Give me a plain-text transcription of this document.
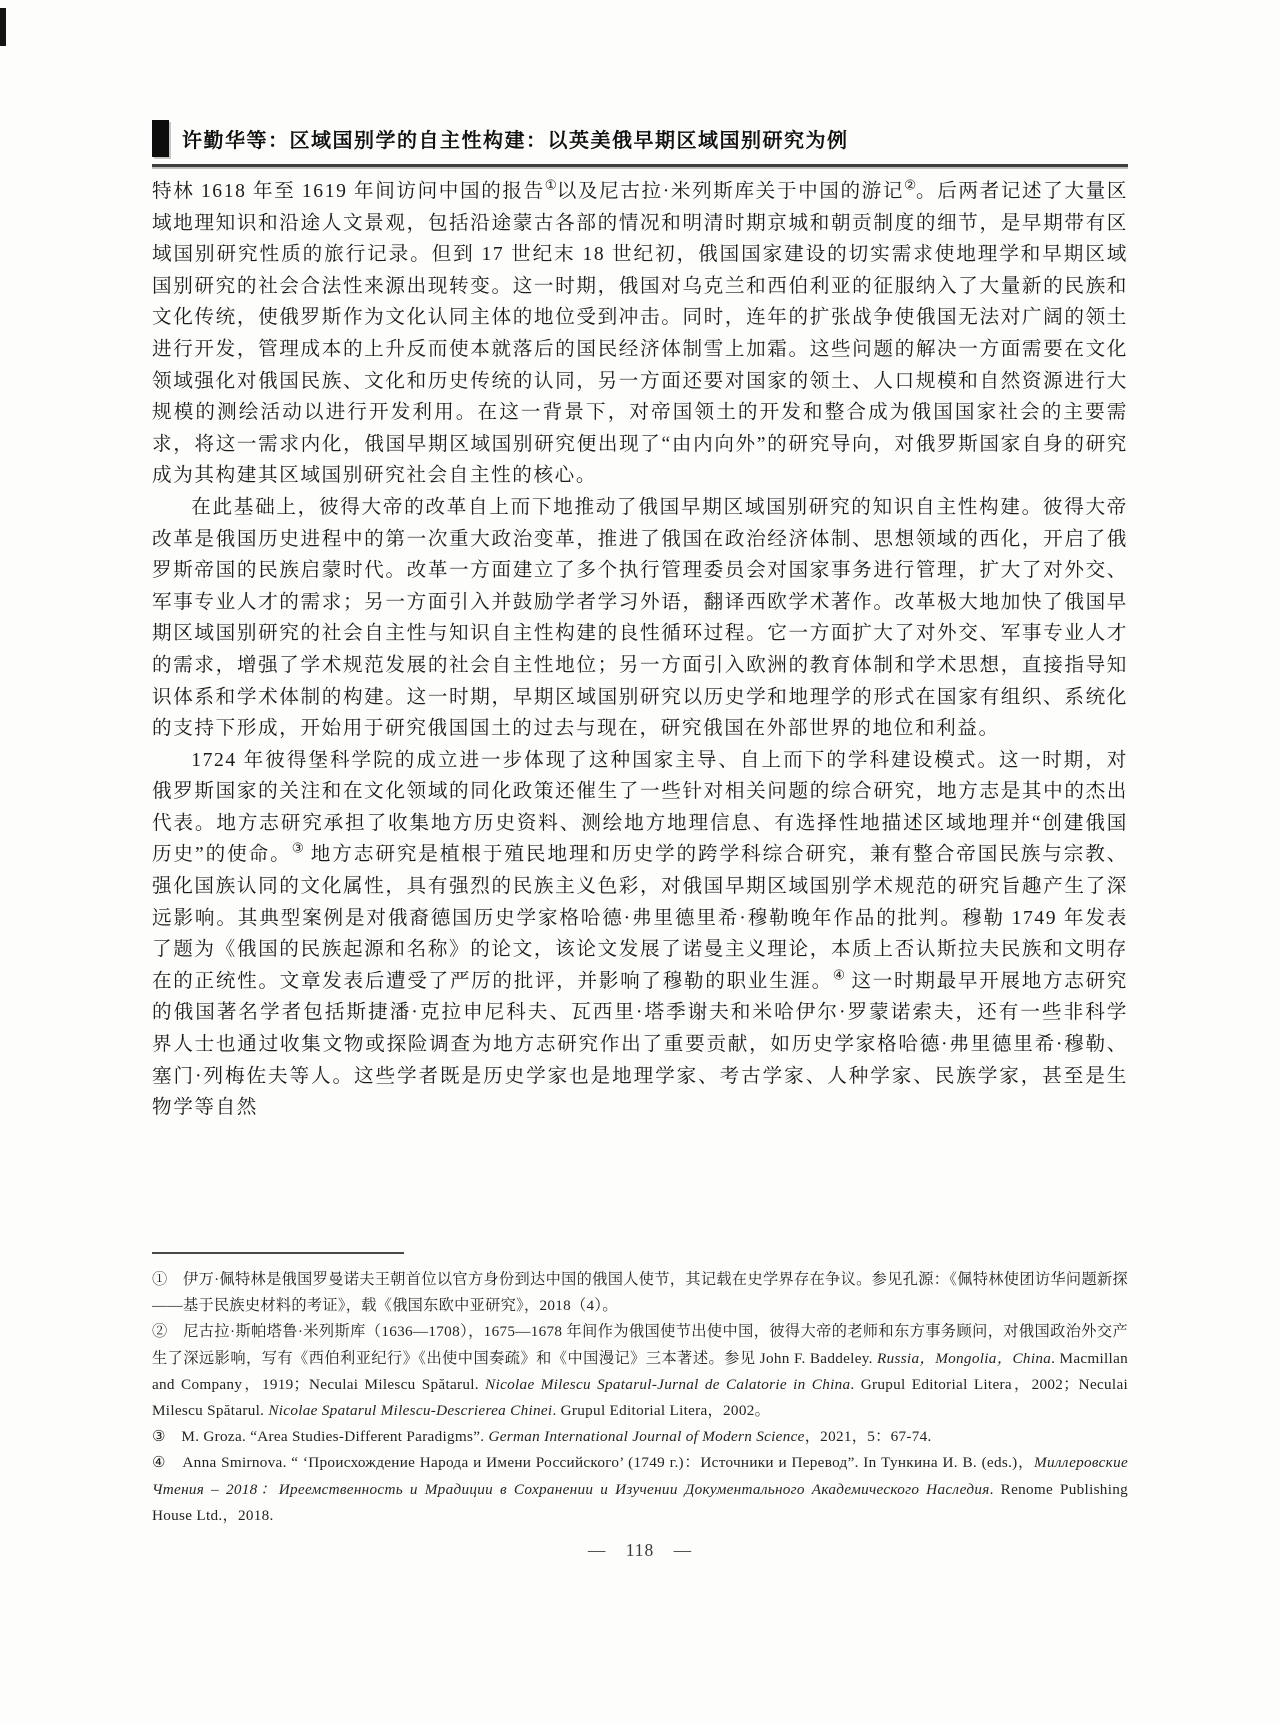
许勤华等：区域国别学的自主性构建：以英美俄早期区域国别研究为例

特林 1618 年至 1619 年间访问中国的报告①以及尼古拉·米列斯库关于中国的游记②。后两者记述了大量区域地理知识和沿途人文景观，包括沿途蒙古各部的情况和明清时期京城和朝贡制度的细节，是早期带有区域国别研究性质的旅行记录。但到 17 世纪末 18 世纪初，俄国国家建设的切实需求使地理学和早期区域国别研究的社会合法性来源出现转变。这一时期，俄国对乌克兰和西伯利亚的征服纳入了大量新的民族和文化传统，使俄罗斯作为文化认同主体的地位受到冲击。同时，连年的扩张战争使俄国无法对广阔的领土进行开发，管理成本的上升反而使本就落后的国民经济体制雪上加霜。这些问题的解决一方面需要在文化领域强化对俄国民族、文化和历史传统的认同，另一方面还要对国家的领土、人口规模和自然资源进行大规模的测绘活动以进行开发利用。在这一背景下，对帝国领土的开发和整合成为俄国国家社会的主要需求，将这一需求内化，俄国早期区域国别研究便出现了“由内向外”的研究导向，对俄罗斯国家自身的研究成为其构建其区域国别研究社会自主性的核心。

在此基础上，彼得大帝的改革自上而下地推动了俄国早期区域国别研究的知识自主性构建。彼得大帝改革是俄国历史进程中的第一次重大政治变革，推进了俄国在政治经济体制、思想领域的西化，开启了俄罗斯帝国的民族启蒙时代。改革一方面建立了多个执行管理委员会对国家事务进行管理，扩大了对外交、军事专业人才的需求；另一方面引入并鼓励学者学习外语，翻译西欧学术著作。改革极大地加快了俄国早期区域国别研究的社会自主性与知识自主性构建的良性循环过程。它一方面扩大了对外交、军事专业人才的需求，增强了学术规范发展的社会自主性地位；另一方面引入欧洲的教育体制和学术思想，直接指导知识体系和学术体制的构建。这一时期，早期区域国别研究以历史学和地理学的形式在国家有组织、系统化的支持下形成，开始用于研究俄国国土的过去与现在，研究俄国在外部世界的地位和利益。

1724 年彼得堡科学院的成立进一步体现了这种国家主导、自上而下的学科建设模式。这一时期，对俄罗斯国家的关注和在文化领域的同化政策还催生了一些针对相关问题的综合研究，地方志是其中的杰出代表。地方志研究承担了收集地方历史资料、测绘地方地理信息、有选择性地描述区域地理并“创建俄国历史”的使命。③ 地方志研究是植根于殖民地理和历史学的跨学科综合研究，兼有整合帝国民族与宗教、强化国族认同的文化属性，具有强烈的民族主义色彩，对俄国早期区域国别学术规范的研究旨趣产生了深远影响。其典型案例是对俄裔德国历史学家格哈德·弗里德里希·穆勒晚年作品的批判。穆勒 1749 年发表了题为《俄国的民族起源和名称》的论文，该论文发展了诺曼主义理论，本质上否认斯拉夫民族和文明存在的正统性。文章发表后遭受了严厉的批评，并影响了穆勒的职业生涯。④ 这一时期最早开展地方志研究的俄国著名学者包括斯捷潘·克拉申尼科夫、瓦西里·塔季谢夫和米哈伊尔·罗蒙诺索夫，还有一些非科学界人士也通过收集文物或探险调查为地方志研究作出了重要贡献，如历史学家格哈德·弗里德里希·穆勒、塞门·列梅佐夫等人。这些学者既是历史学家也是地理学家、考古学家、人种学家、民族学家，甚至是生物学等自然

①　伊万·佩特林是俄国罗曼诺夫王朝首位以官方身份到达中国的俄国人使节，其记载在史学界存在争议。参见孔源：《佩特林使团访华问题新探——基于民族史材料的考证》，载《俄国东欧中亚研究》，2018（4）。
②　尼古拉·斯帕塔鲁·米列斯库（1636—1708），1675—1678 年间作为俄国使节出使中国，彼得大帝的老师和东方事务顾问，对俄国政治外交产生了深远影响，写有《西伯利亚纪行》《出使中国奏疏》和《中国漫记》三本著述。参见 John F. Baddeley. Russia，Mongolia，China. Macmillan and Company，1919；Neculai Milescu Spătarul. Nicolae Milescu Spatarul-Jurnal de Calatorie in China. Grupul Editorial Litera，2002；Neculai Milescu Spătarul. Nicolae Spatarul Milescu-Descrierea Chinei. Grupul Editorial Litera，2002。
③　M. Groza. “Area Studies-Different Paradigms”. German International Journal of Modern Science，2021，5：67-74.
④　Anna Smirnova. “ ‘Происхождение Народа и Имени Российского’ (1749 г.)：Источники и Перевод”. In Тункина И. В. (eds.)，Миллеровские Чтения – 2018：Иреемственность и Мрадиции в Сохранении и Изучении Документального Академического Наследия. Renome Publishing House Ltd.，2018.
— 118 —
